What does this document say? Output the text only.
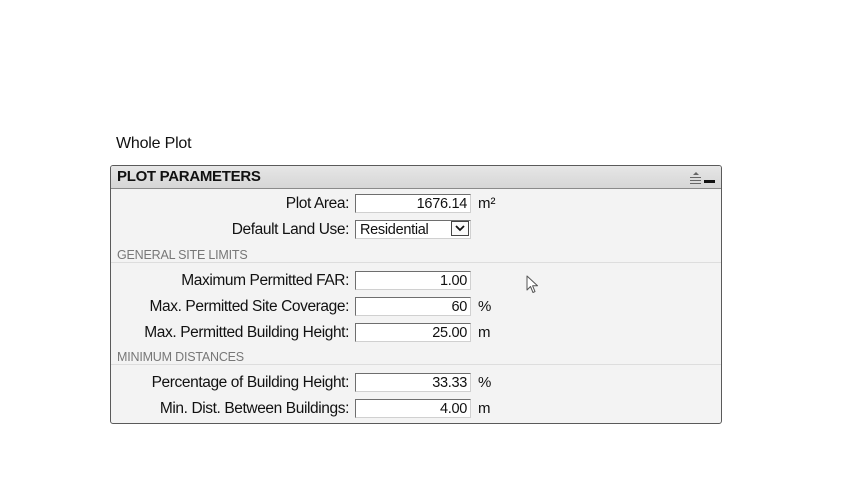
Whole Plot
PLOT PARAMETERS
Plot Area:
1676.14	m²
Default Land Use: Residential
GENERAL SITE LIMITS
Maximum Permitted FAR:
1.00
Max. Permitted Site Coverage:
60	%
Max. Permitted Building Height:
25.00	m
MINIMUM DISTANCES
Percentage of Building Height:
33.33	%
Min. Dist. Between Buildings:
4.00	m
